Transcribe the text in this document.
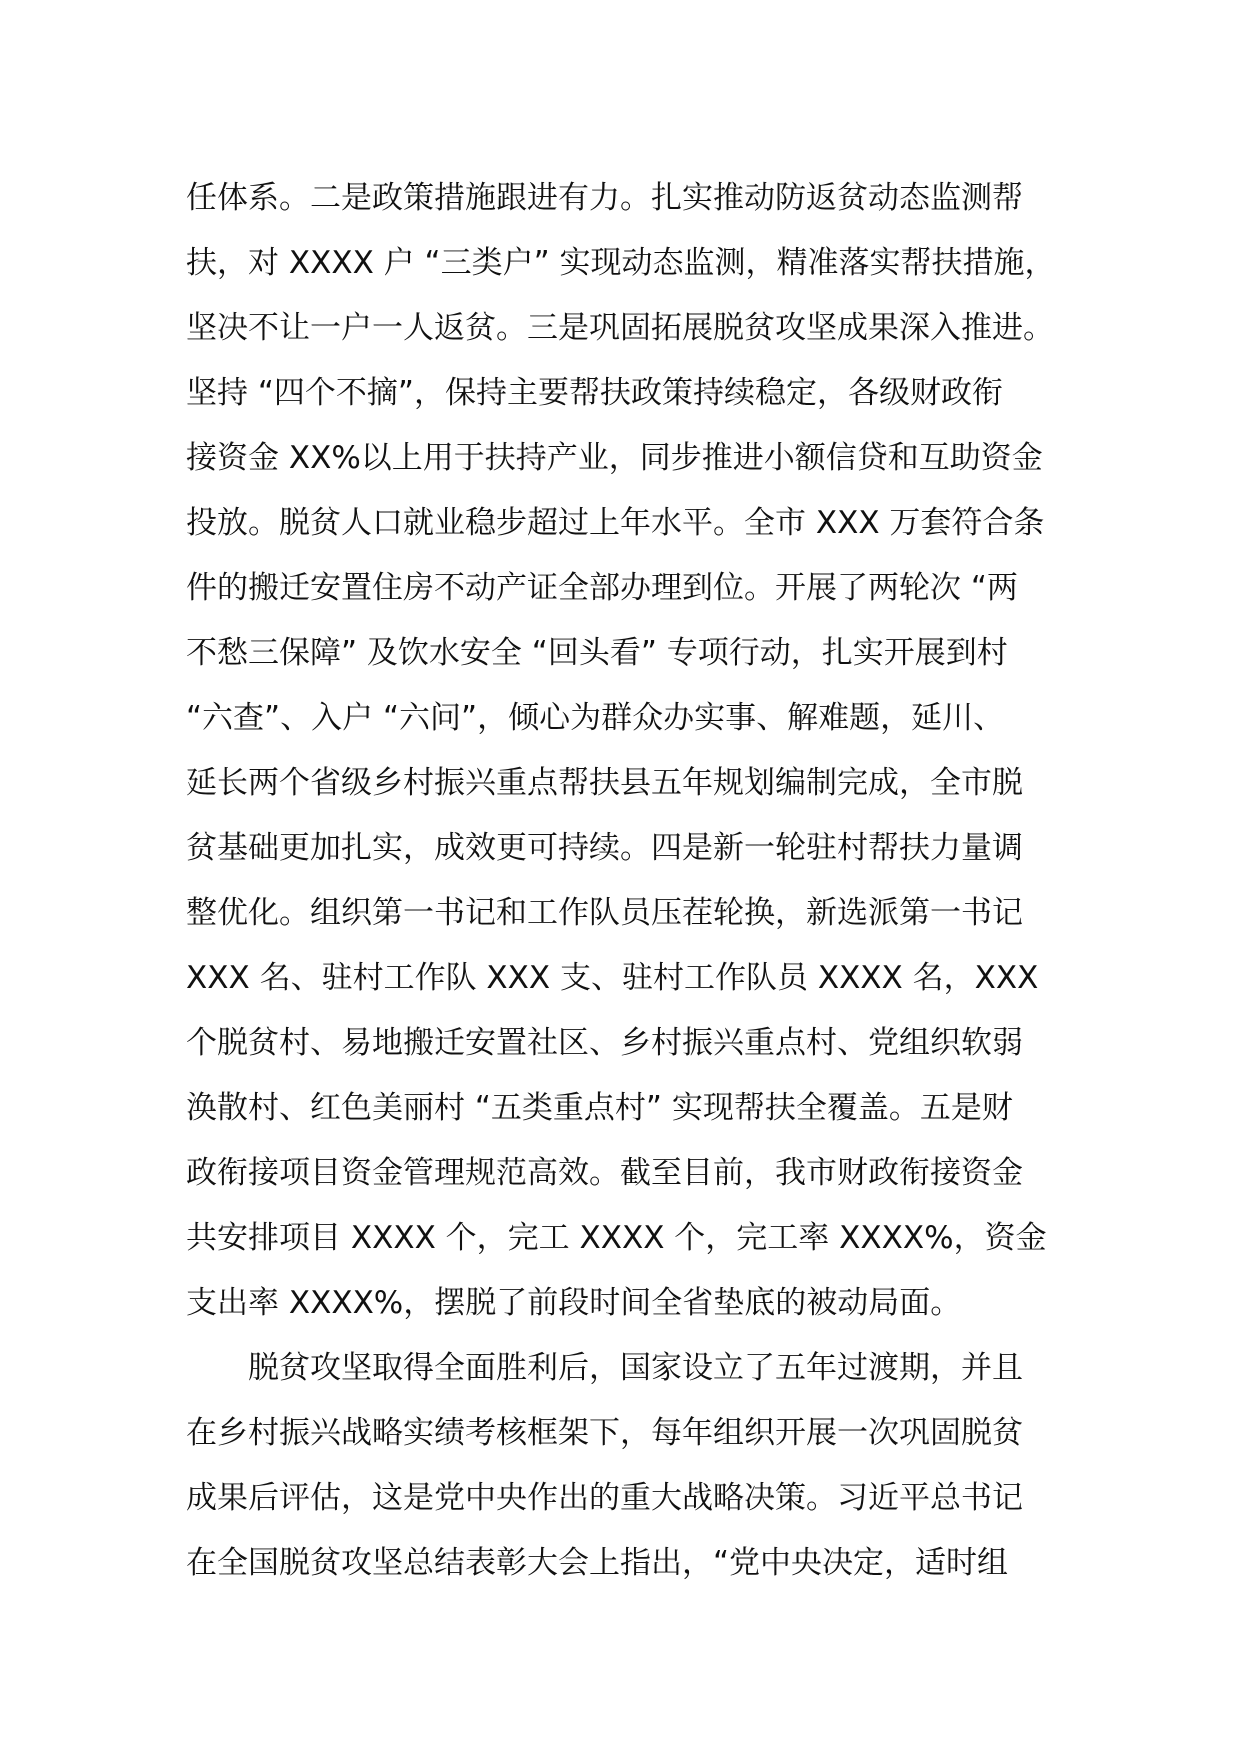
任体系。二是政策措施跟进有力。扎实推动防返贫动态监测帮
扶，对 XXXX 户 “三类户” 实现动态监测，精准落实帮扶措施，
坚决不让一户一人返贫。三是巩固拓展脱贫攻坚成果深入推进。
坚持 “四个不摘”，保持主要帮扶政策持续稳定，各级财政衔
接资金 XX%以上用于扶持产业，同步推进小额信贷和互助资金
投放。脱贫人口就业稳步超过上年水平。全市 XXX 万套符合条
件的搬迁安置住房不动产证全部办理到位。开展了两轮次 “两
不愁三保障” 及饮水安全 “回头看” 专项行动，扎实开展到村
“六查”、入户 “六问”，倾心为群众办实事、解难题，延川、
延长两个省级乡村振兴重点帮扶县五年规划编制完成，全市脱
贫基础更加扎实，成效更可持续。四是新一轮驻村帮扶力量调
整优化。组织第一书记和工作队员压茬轮换，新选派第一书记
XXX 名、驻村工作队 XXX 支、驻村工作队员 XXXX 名，XXX
个脱贫村、易地搬迁安置社区、乡村振兴重点村、党组织软弱
涣散村、红色美丽村 “五类重点村” 实现帮扶全覆盖。五是财
政衔接项目资金管理规范高效。截至目前，我市财政衔接资金
共安排项目 XXXX 个，完工 XXXX 个，完工率 XXXX%，资金
支出率 XXXX%，摆脱了前段时间全省垫底的被动局面。
脱贫攻坚取得全面胜利后，国家设立了五年过渡期，并且
在乡村振兴战略实绩考核框架下，每年组织开展一次巩固脱贫
成果后评估，这是党中央作出的重大战略决策。习近平总书记
在全国脱贫攻坚总结表彰大会上指出，“党中央决定，适时组
